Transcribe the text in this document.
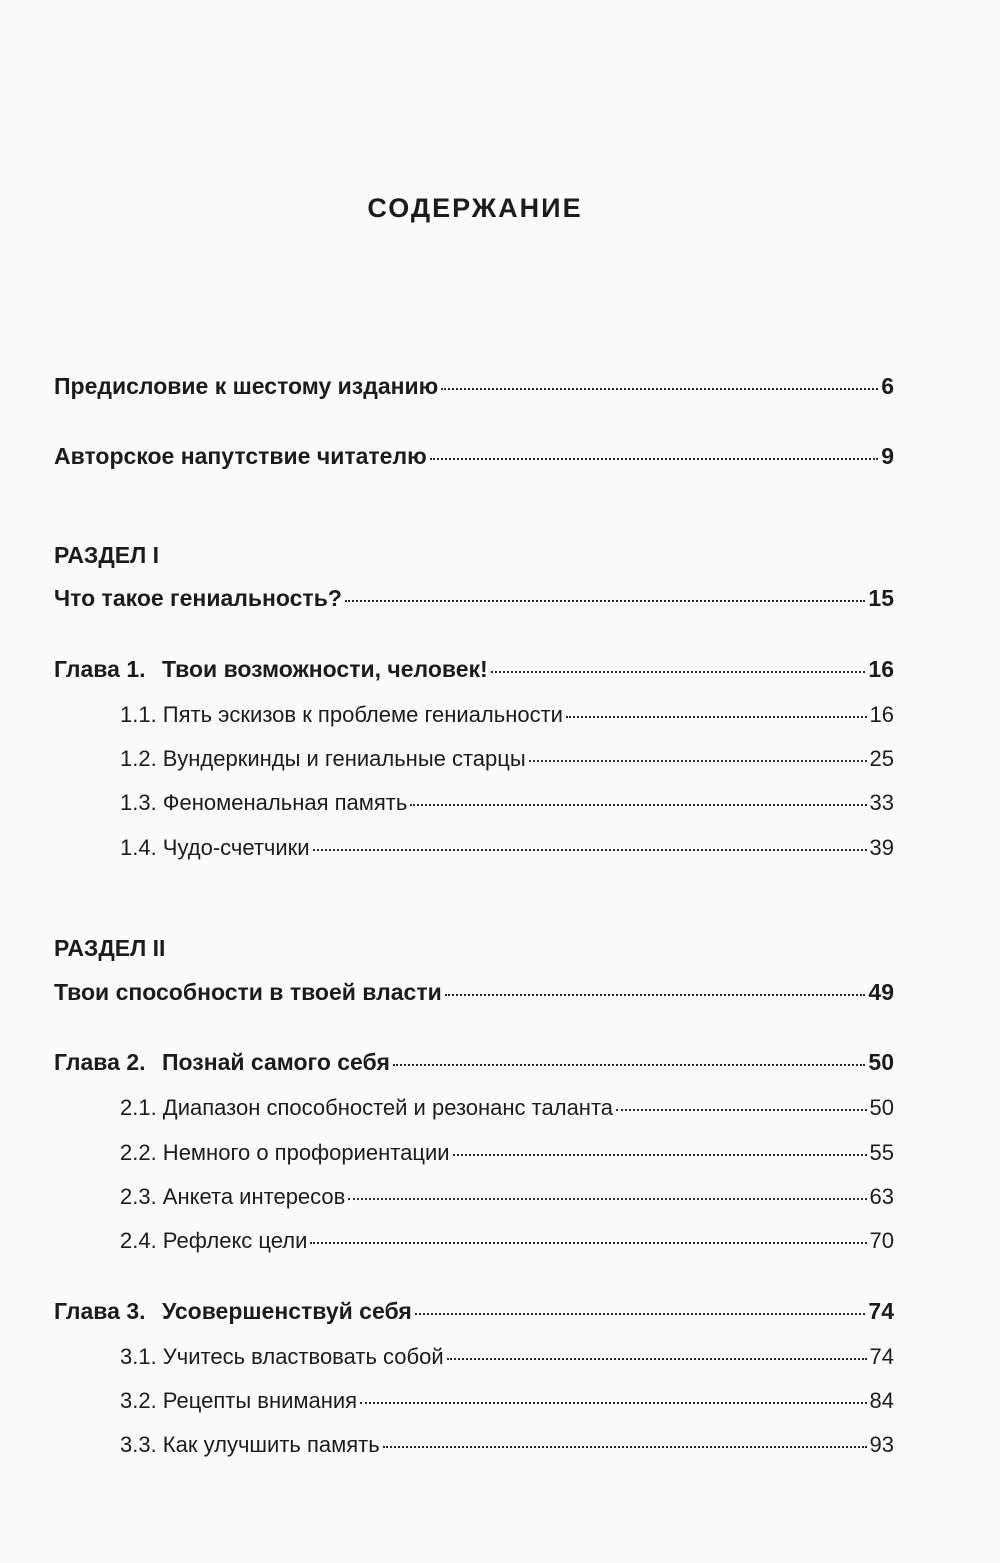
СОДЕРЖАНИЕ
Предисловие к шестому изданию	6
Авторское напутствие читателю	9
РАЗДЕЛ I
Что такое гениальность?	15
Глава 1. Твои возможности, человек!	16
1.1. Пять эскизов к проблеме гениальности	16
1.2. Вундеркинды и гениальные старцы	25
1.3. Феноменальная память	33
1.4. Чудо-счетчики	39
РАЗДЕЛ II
Твои способности в твоей власти	49
Глава 2. Познай самого себя	50
2.1. Диапазон способностей и резонанс таланта	50
2.2. Немного о профориентации	55
2.3. Анкета интересов	63
2.4. Рефлекс цели	70
Глава 3. Усовершенствуй себя	74
3.1. Учитесь властвовать собой	74
3.2. Рецепты внимания	84
3.3. Как улучшить память	93
